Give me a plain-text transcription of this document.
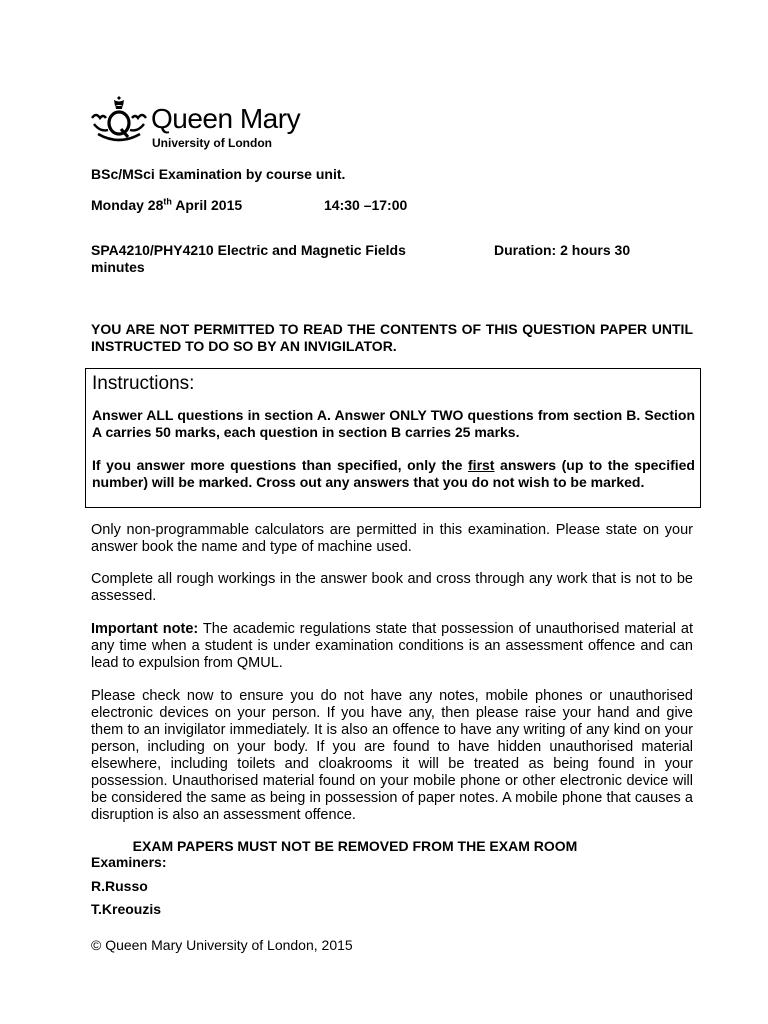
Queen Mary
University of London
BSc/MSci Examination by course unit.
Monday 28th April 2015	14:30 –17:00
SPA4210/PHY4210 Electric and Magnetic Fields	Duration: 2 hours 30
minutes
YOU ARE NOT PERMITTED TO READ THE CONTENTS OF THIS QUESTION PAPER UNTIL INSTRUCTED TO DO SO BY AN INVIGILATOR.
Instructions:
Answer ALL questions in section A. Answer ONLY TWO questions from section B. Section A carries 50 marks, each question in section B carries 25 marks.
If you answer more questions than specified, only the first answers (up to the specified number) will be marked. Cross out any answers that you do not wish to be marked.
Only non-programmable calculators are permitted in this examination. Please state on your answer book the name and type of machine used.
Complete all rough workings in the answer book and cross through any work that is not to be assessed.
Important note: The academic regulations state that possession of unauthorised material at any time when a student is under examination conditions is an assessment offence and can lead to expulsion from QMUL.
Please check now to ensure you do not have any notes, mobile phones or unauthorised electronic devices on your person. If you have any, then please raise your hand and give them to an invigilator immediately. It is also an offence to have any writing of any kind on your person, including on your body. If you are found to have hidden unauthorised material elsewhere, including toilets and cloakrooms it will be treated as being found in your possession. Unauthorised material found on your mobile phone or other electronic device will be considered the same as being in possession of paper notes. A mobile phone that causes a disruption is also an assessment offence.
EXAM PAPERS MUST NOT BE REMOVED FROM THE EXAM ROOM
Examiners:
R.Russo
T.Kreouzis
© Queen Mary University of London, 2015
